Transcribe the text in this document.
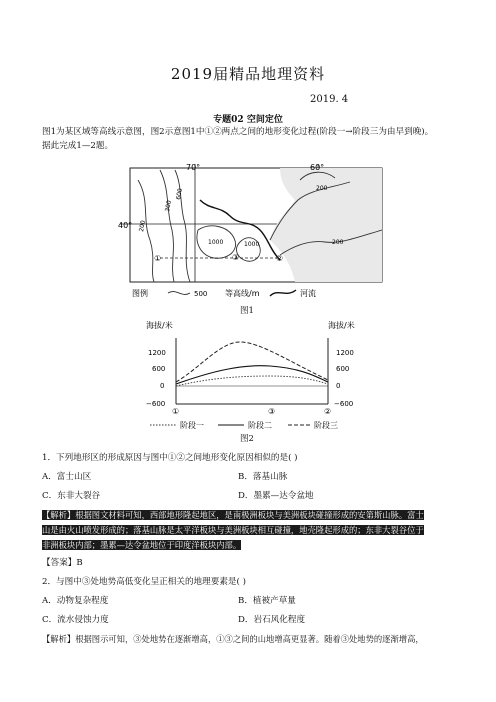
2019届精品地理资料
2019. 4
专题02 空间定位
图1为某区域等高线示意图，图2示意图1中①②两点之间的地形变化过程(阶段一→阶段三为由早到晚)。
据此完成1—2题。
70°	60°
40° 200
300
600
1000
200
1000	200
①	②
③
图例	500 等高线/m	河流
图1
海拔/米	海拔/米
1200
600
0
−600
1200
600
0
−600
①	③	②
阶段一	阶段二	阶段三
图2
1．下列地形区的形成原因与图中①②之间地形变化原因相似的是( )
A．富士山区	B．落基山脉
C．东非大裂谷	D．墨累—达令盆地
【解析】根据图文材料可知，西部地形隆起地区，是南极洲板块与美洲板块碰撞形成的安第斯山脉。富士
山是由火山喷发形成的；落基山脉是太平洋板块与美洲板块相互碰撞，地壳隆起形成的；东非大裂谷位于
非洲板块内部；墨累—达令盆地位于印度洋板块内部。
【答案】B
2．与图中③处地势高低变化呈正相关的地理要素是( )
A．动物复杂程度	B．植被产草量
C．流水侵蚀力度	D．岩石风化程度
【解析】根据图示可知，③处地势在逐渐增高，①③之间的山地增高更显著。随着③处地势的逐渐增高，
